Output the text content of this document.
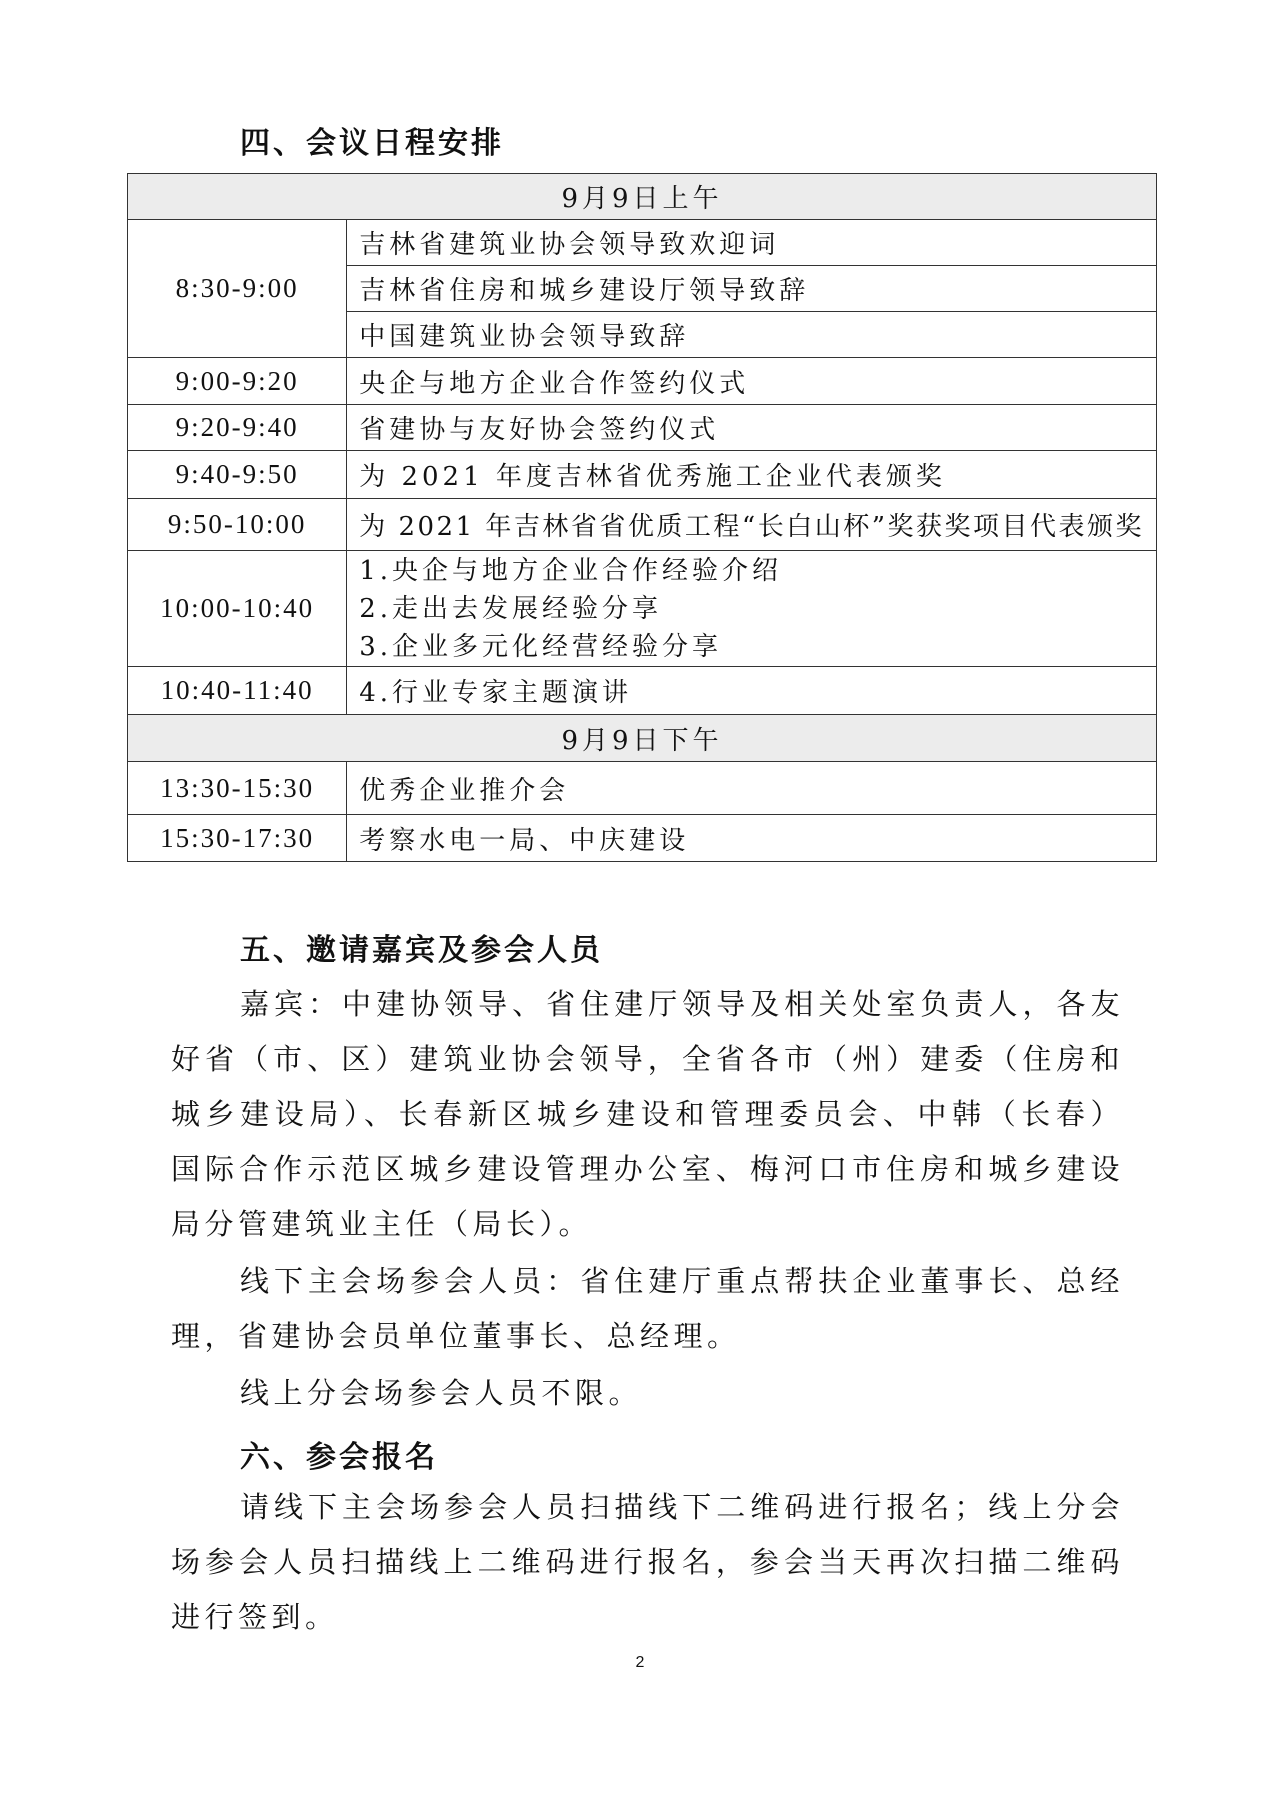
四、会议日程安排
9月9日上午	
8:30-9:00	吉林省建筑业协会领导致欢迎词
	吉林省住房和城乡建设厅领导致辞
	中国建筑业协会领导致辞
9:00-9:20	央企与地方企业合作签约仪式
9:20-9:40	省建协与友好协会签约仪式
9:40-9:50	为 2021 年度吉林省优秀施工企业代表颁奖
9:50-10:00	为 2021 年吉林省省优质工程“长白山杯”奖获奖项目代表颁奖
10:00-10:40	1.央企与地方企业合作经验介绍
2.走出去发展经验分享
3.企业多元化经营经验分享

10:40-11:40	4.行业专家主题演讲
9月9日下午	
13:30-15:30	优秀企业推介会
15:30-17:30	考察水电一局、中庆建设
五、邀请嘉宾及参会人员
嘉宾：中建协领导、省住建厅领导及相关处室负责人，各友好省（市、区）建筑业协会领导，全省各市（州）建委（住房和城乡建设局）、长春新区城乡建设和管理委员会、中韩（长春）国际合作示范区城乡建设管理办公室、梅河口市住房和城乡建设局分管建筑业主任（局长）。
线下主会场参会人员：省住建厅重点帮扶企业董事长、总经理，省建协会员单位董事长、总经理。
线上分会场参会人员不限。
六、参会报名
请线下主会场参会人员扫描线下二维码进行报名；线上分会场参会人员扫描线上二维码进行报名，参会当天再次扫描二维码进行签到。
2
